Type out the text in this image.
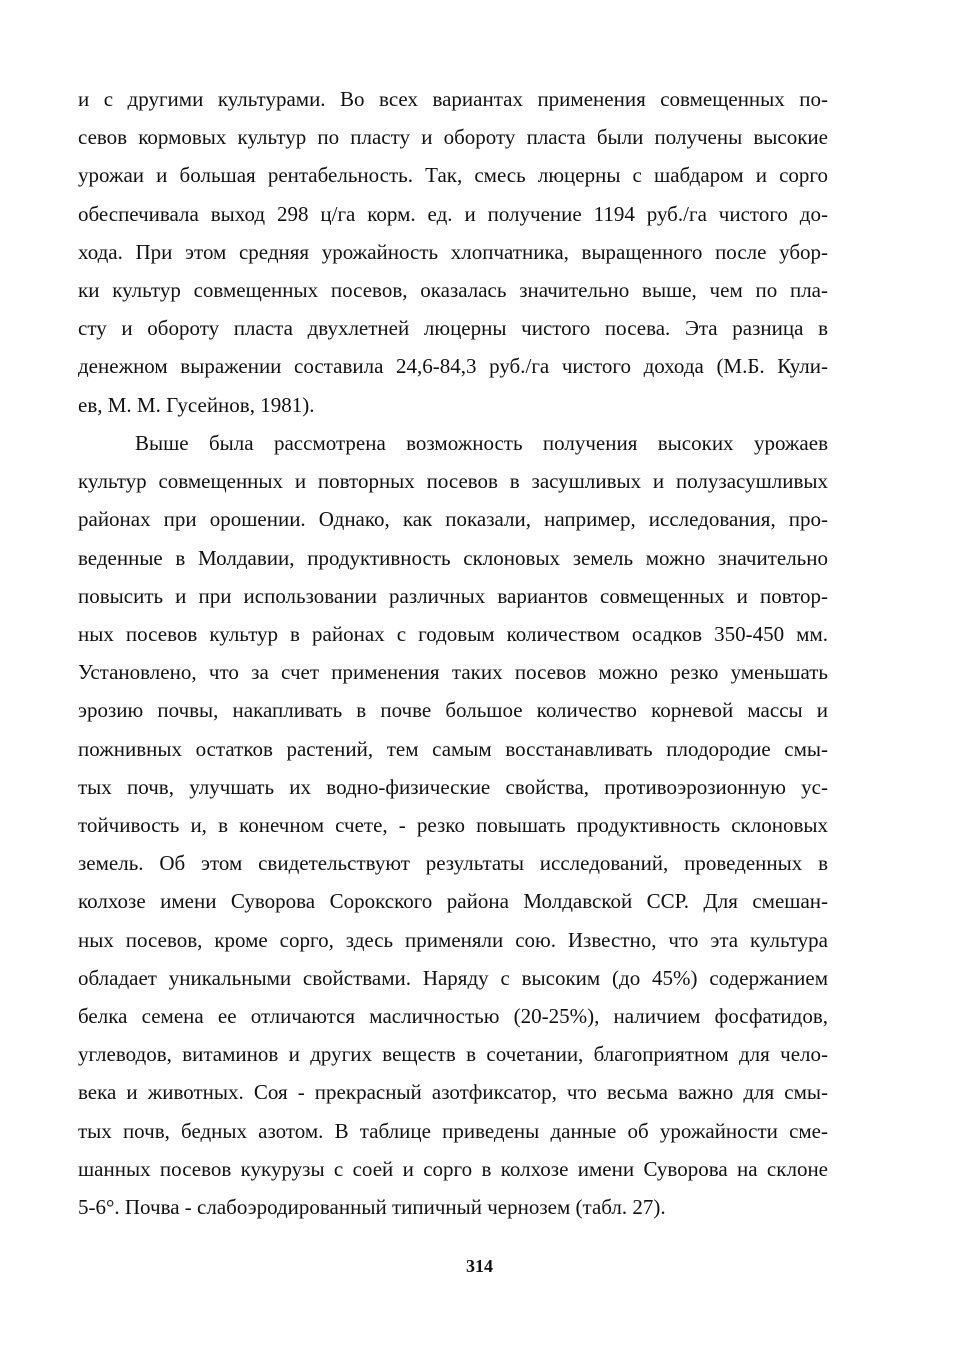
и с другими культурами. Во всех вариантах применения совмещенных по-
севов кормовых культур по пласту и обороту пласта были получены высокие
урожаи и большая рентабельность. Так, смесь люцерны с шабдаром и сорго
обеспечивала выход 298 ц/га корм. ед. и получение 1194 руб./га чистого до-
хода. При этом средняя урожайность хлопчатника, выращенного после убор-
ки культур совмещенных посевов, оказалась значительно выше, чем по пла-
сту и обороту пласта двухлетней люцерны чистого посева. Эта разница в
денежном выражении составила 24,6-84,3 руб./га чистого дохода (М.Б. Кули-
ев, М. М. Гусейнов, 1981).
Выше была рассмотрена возможность получения высоких урожаев
культур совмещенных и повторных посевов в засушливых и полузасушливых
районах при орошении. Однако, как показали, например, исследования, про-
веденные в Молдавии, продуктивность склоновых земель можно значительно
повысить и при использовании различных вариантов совмещенных и повтор-
ных посевов культур в районах с годовым количеством осадков 350-450 мм.
Установлено, что за счет применения таких посевов можно резко уменьшать
эрозию почвы, накапливать в почве большое количество корневой массы и
пожнивных остатков растений, тем самым восстанавливать плодородие смы-
тых почв, улучшать их водно-физические свойства, противоэрозионную ус-
тойчивость и, в конечном счете, - резко повышать продуктивность склоновых
земель. Об этом свидетельствуют результаты исследований, проведенных в
колхозе имени Суворова Сорокского района Молдавской ССР. Для смешан-
ных посевов, кроме сорго, здесь применяли сою. Известно, что эта культура
обладает уникальными свойствами. Наряду с высоким (до 45%) содержанием
белка семена ее отличаются масличностью (20-25%), наличием фосфатидов,
углеводов, витаминов и других веществ в сочетании, благоприятном для чело-
века и животных. Соя - прекрасный азотфиксатор, что весьма важно для смы-
тых почв, бедных азотом. В таблице приведены данные об урожайности сме-
шанных посевов кукурузы с соей и сорго в колхозе имени Суворова на склоне
5-6°. Почва - слабоэродированный типичный чернозем (табл. 27).
314
